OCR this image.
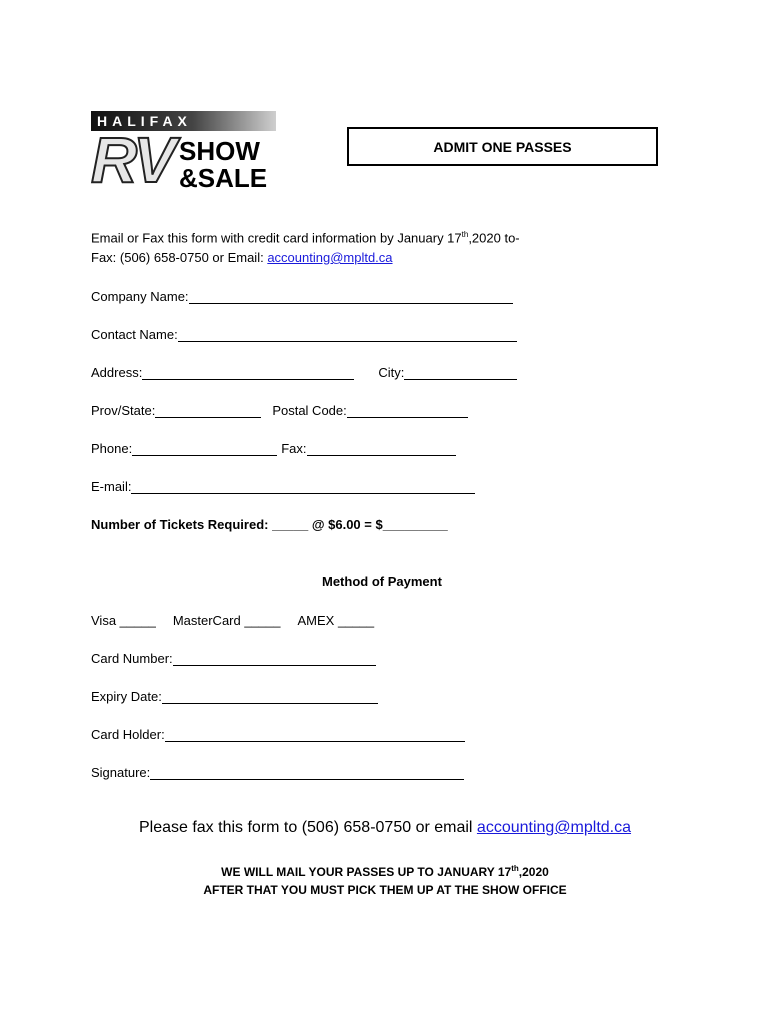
HALIFAX
RV SHOW
&SALE
ADMIT ONE PASSES
Email or Fax this form with credit card information by January 17th,2020 to-
Fax: (506) 658-0750 or Email: accounting@mpltd.ca
Company Name:
Contact Name:
Address:	City:
Prov/State:	Postal Code:
Phone:	Fax:
E-mail:
Number of Tickets Required: _____ @ $6.00 = $_________
Method of Payment
Visa _____ MasterCard _____ AMEX _____
Card Number:
Expiry Date:
Card Holder:
Signature:
Please fax this form to (506) 658-0750 or email accounting@mpltd.ca
WE WILL MAIL YOUR PASSES UP TO JANUARY 17th,2020
AFTER THAT YOU MUST PICK THEM UP AT THE SHOW OFFICE
